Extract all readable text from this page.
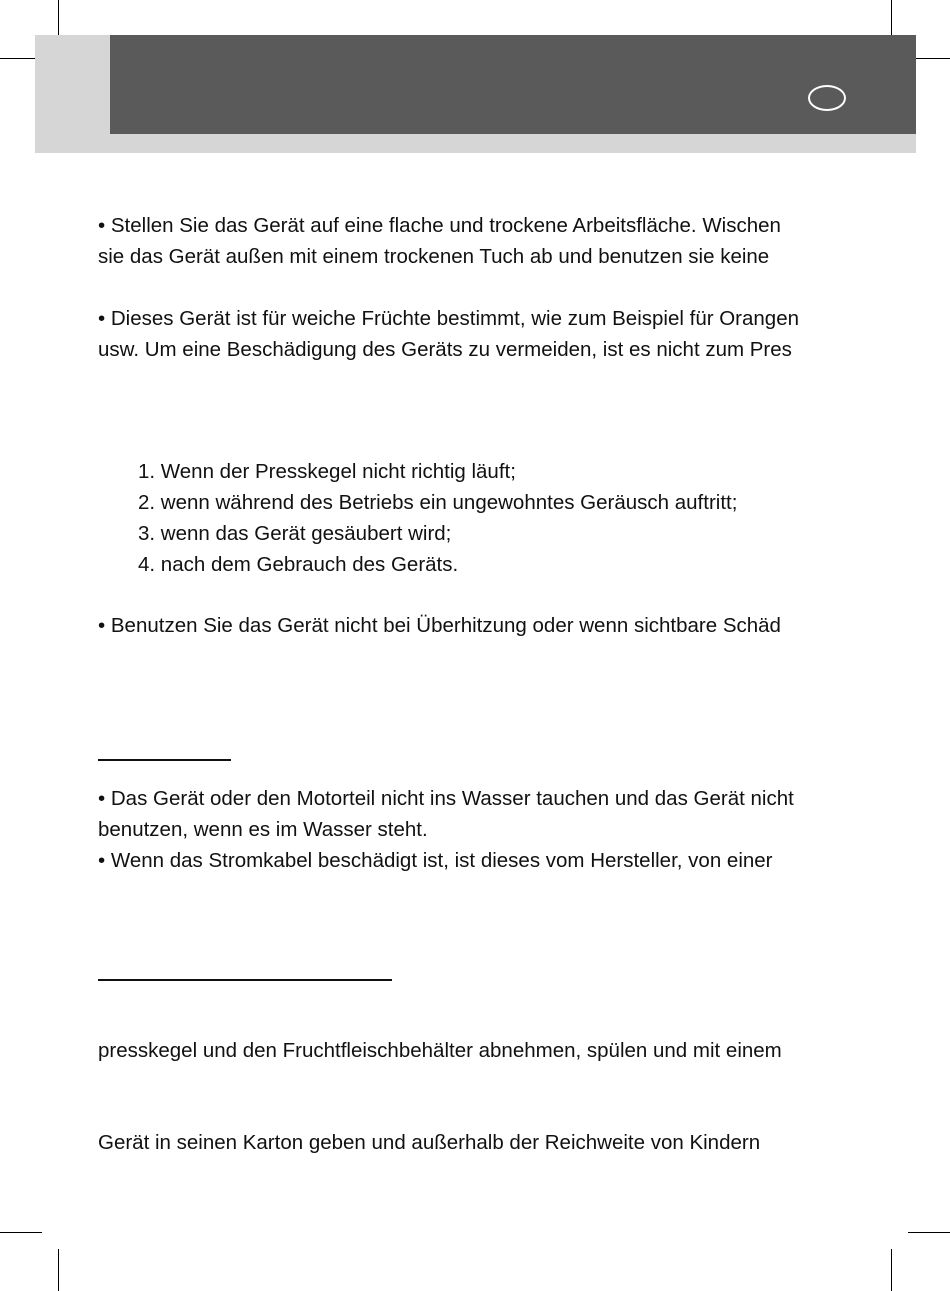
• Stellen Sie das Gerät auf eine flache und trockene Arbeitsfläche. Wischen
sie das Gerät außen mit einem trockenen Tuch ab und benutzen sie keine
• Dieses Gerät ist für weiche Früchte bestimmt, wie zum Beispiel für Orangen
usw. Um eine Beschädigung des Geräts zu vermeiden, ist es nicht zum Pres
1. Wenn der Presskegel nicht richtig läuft;
2. wenn während des Betriebs ein ungewohntes Geräusch auftritt;
3. wenn das Gerät gesäubert wird;
4. nach dem Gebrauch des Geräts.
• Benutzen Sie das Gerät nicht bei Überhitzung oder wenn sichtbare Schäd
• Das Gerät oder den Motorteil nicht ins Wasser tauchen und das Gerät nicht
benutzen, wenn es im Wasser steht.
• Wenn das Stromkabel beschädigt ist, ist dieses vom Hersteller, von einer
presskegel und den Fruchtfleischbehälter abnehmen, spülen und mit einem
Gerät in seinen Karton geben und außerhalb der Reichweite von Kindern
